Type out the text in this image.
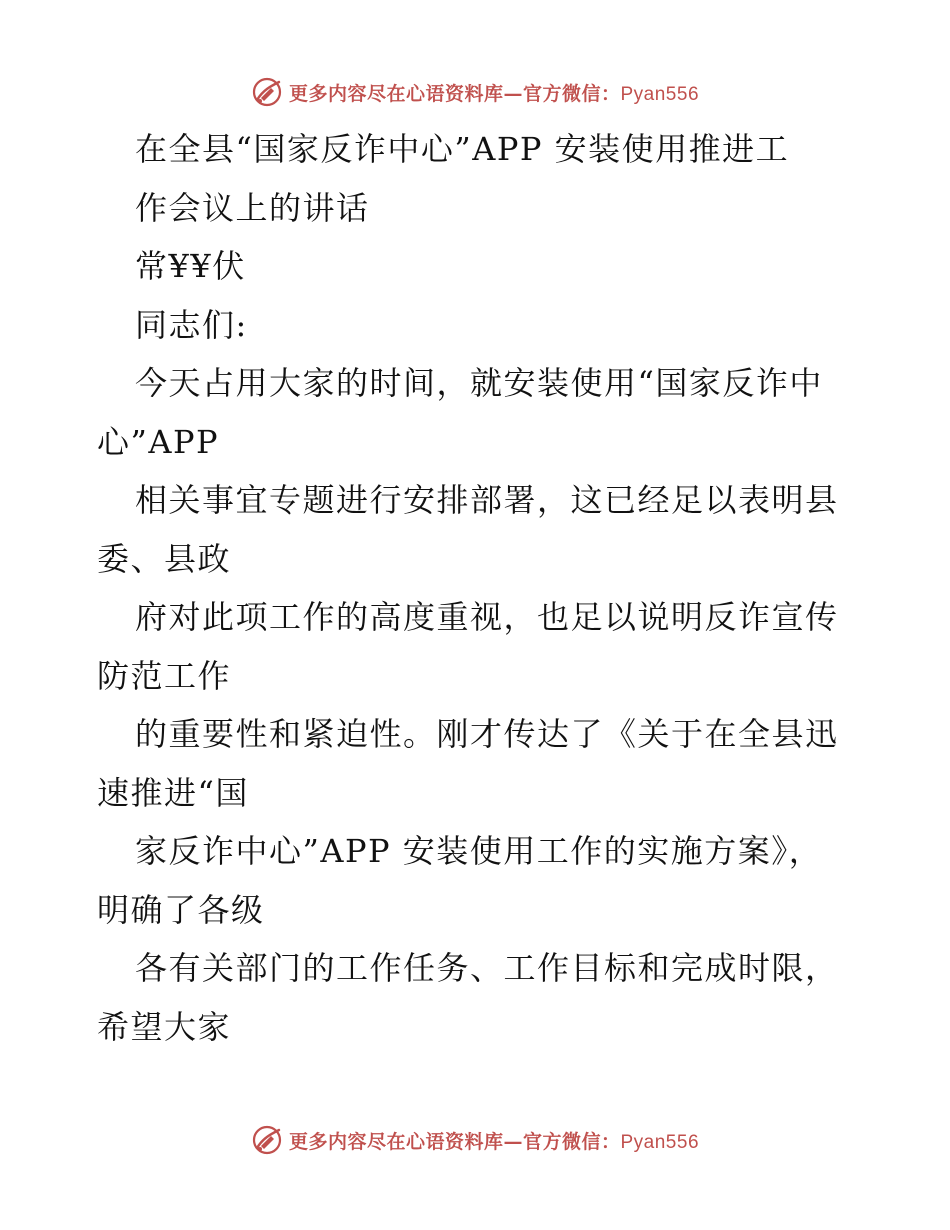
更多内容尽在心语资料库—官方微信：Pyan556
在全县“国家反诈中心”APP 安装使用推进工
作会议上的讲话
常¥¥伏
同志们:
今天占用大家的时间，就安装使用“国家反诈中
心”APP
相关事宜专题进行安排部署，这已经足以表明县
委、县政
府对此项工作的高度重视，也足以说明反诈宣传
防范工作
的重要性和紧迫性。刚才传达了《关于在全县迅
速推进“国
家反诈中心”APP 安装使用工作的实施方案》，
明确了各级
各有关部门的工作任务、工作目标和完成时限，
希望大家
更多内容尽在心语资料库—官方微信：Pyan556
